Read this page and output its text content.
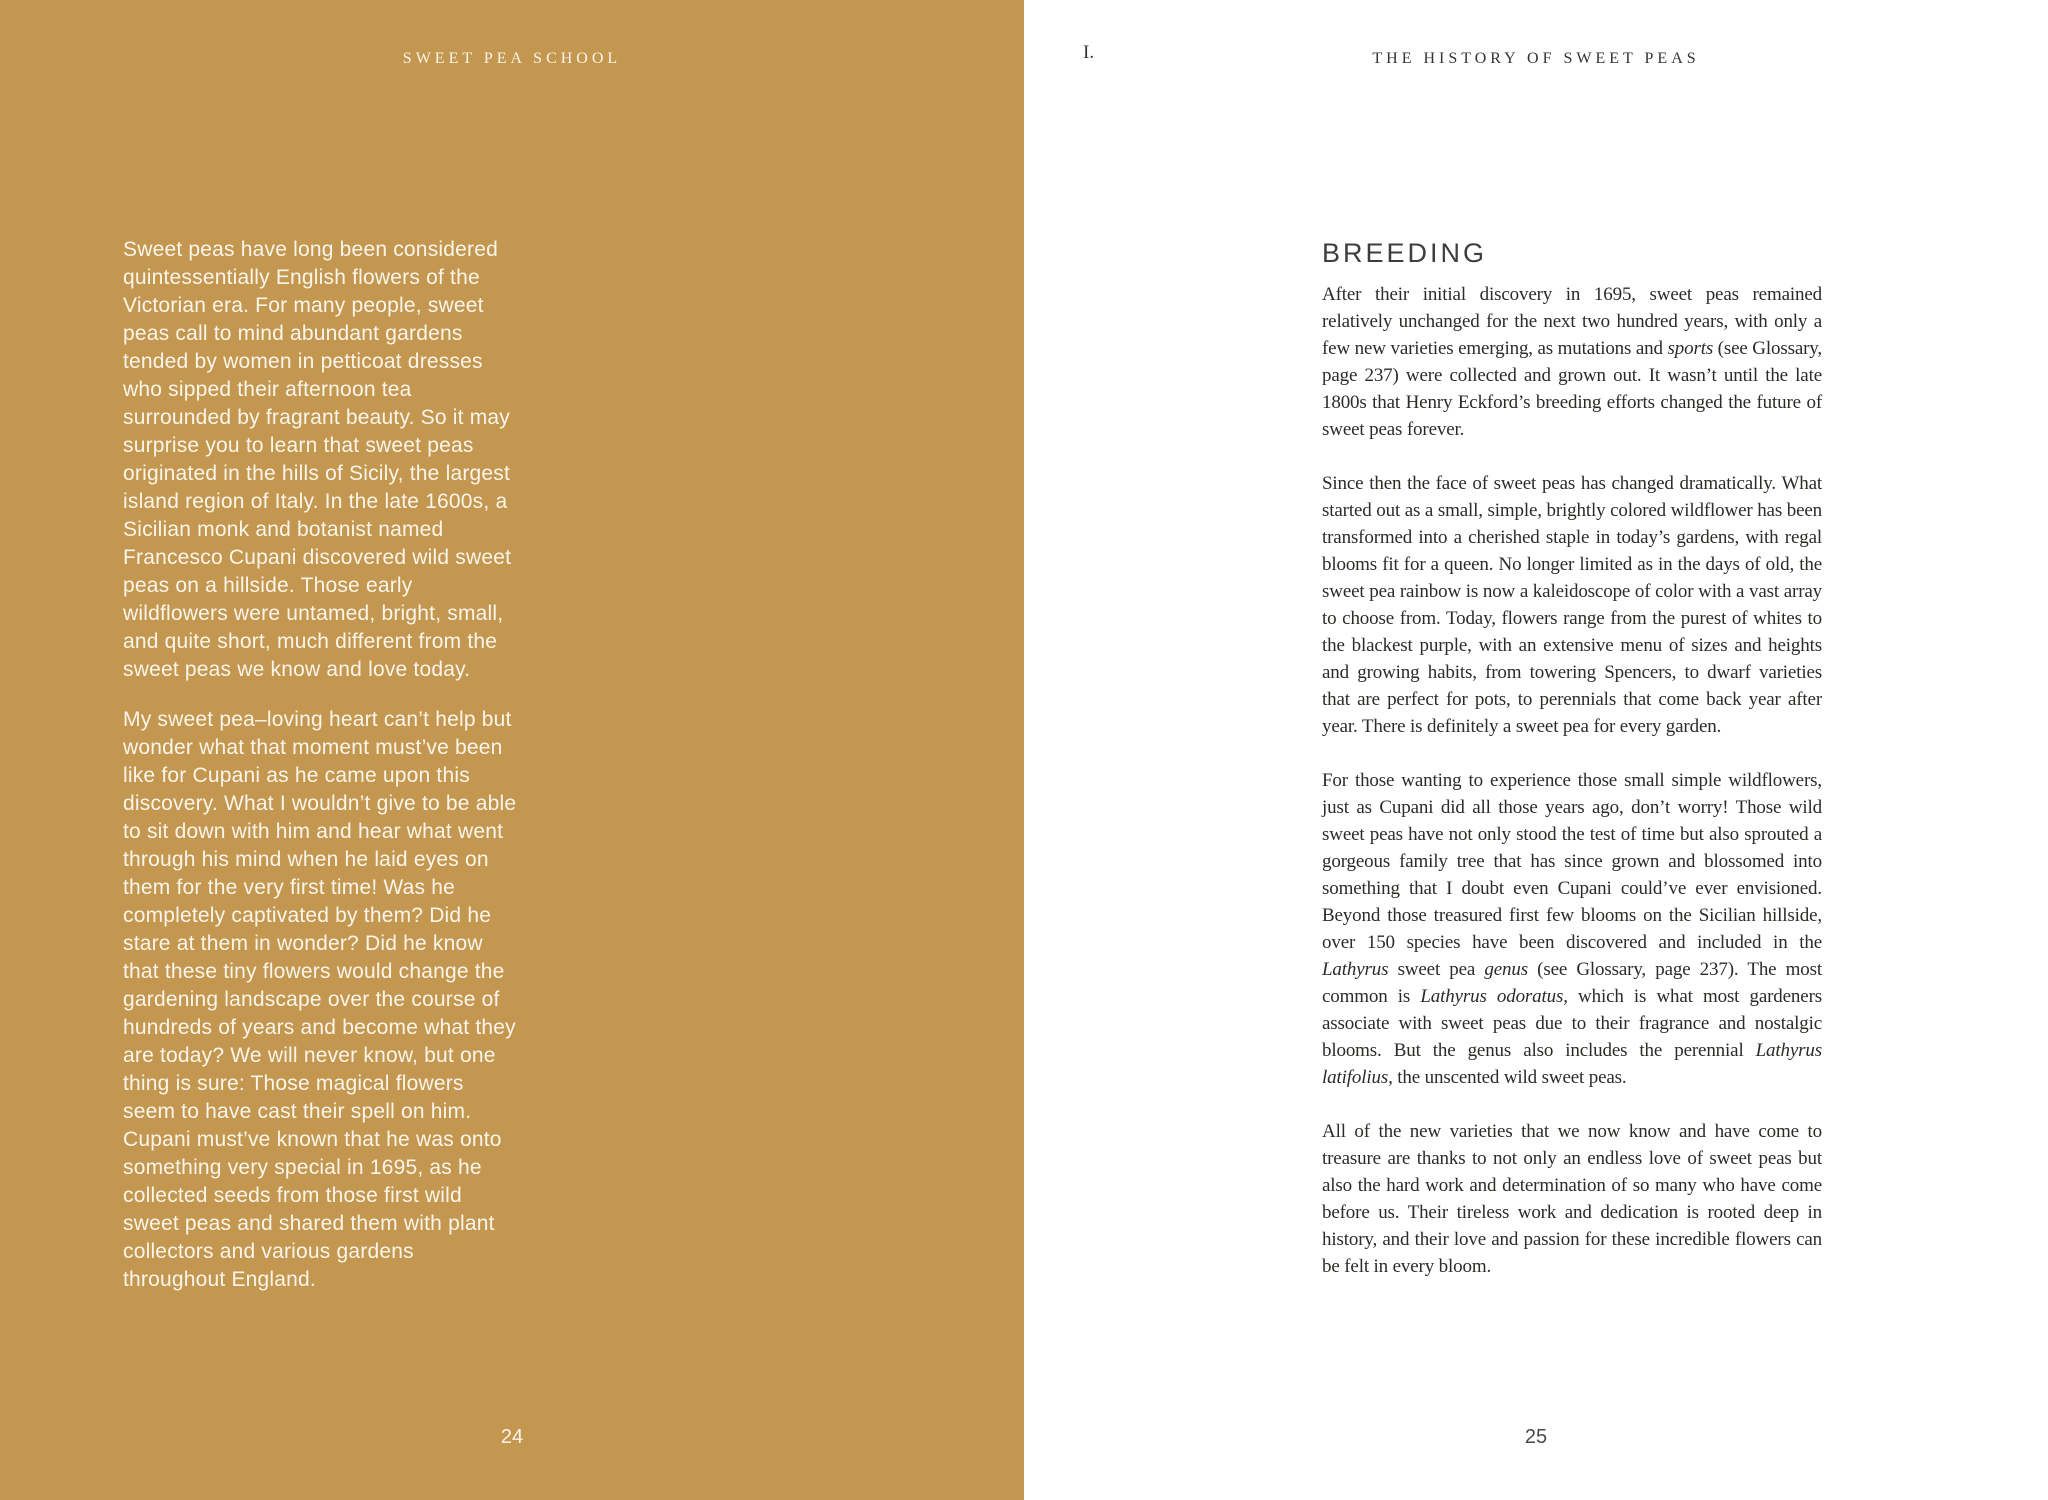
SWEET PEA SCHOOL

Sweet peas have long been considered quintessentially English flowers of the Victorian era. For many people, sweet peas call to mind abundant gardens tended by women in petticoat dresses who sipped their afternoon tea surrounded by fragrant beauty. So it may surprise you to learn that sweet peas originated in the hills of Sicily, the largest island region of Italy. In the late 1600s, a Sicilian monk and botanist named Francesco Cupani discovered wild sweet peas on a hillside. Those early wildflowers were untamed, bright, small, and quite short, much different from the sweet peas we know and love today.

My sweet pea–loving heart can’t help but wonder what that moment must’ve been like for Cupani as he came upon this discovery. What I wouldn’t give to be able to sit down with him and hear what went through his mind when he laid eyes on them for the very first time! Was he completely captivated by them? Did he stare at them in wonder? Did he know that these tiny flowers would change the gardening landscape over the course of hundreds of years and become what they are today? We will never know, but one thing is sure: Those magical flowers seem to have cast their spell on him. Cupani must’ve known that he was onto something very special in 1695, as he collected seeds from those first wild sweet peas and shared them with plant collectors and various gardens throughout England.

24
I.	THE HISTORY OF SWEET PEAS
BREEDING

After their initial discovery in 1695, sweet peas remained relatively unchanged for the next two hundred years, with only a few new varieties emerging, as mutations and sports (see Glossary, page 237) were collected and grown out. It wasn’t until the late 1800s that Henry Eckford’s breeding efforts changed the future of sweet peas forever.

Since then the face of sweet peas has changed dramatically. What started out as a small, simple, brightly colored wildflower has been transformed into a cherished staple in today’s gardens, with regal blooms fit for a queen. No longer limited as in the days of old, the sweet pea rainbow is now a kaleidoscope of color with a vast array to choose from. Today, flowers range from the purest of whites to the blackest purple, with an extensive menu of sizes and heights and growing habits, from towering Spencers, to dwarf varieties that are perfect for pots, to perennials that come back year after year. There is definitely a sweet pea for every garden.

For those wanting to experience those small simple wildflowers, just as Cupani did all those years ago, don’t worry! Those wild sweet peas have not only stood the test of time but also sprouted a gorgeous family tree that has since grown and blossomed into something that I doubt even Cupani could’ve ever envisioned. Beyond those treasured first few blooms on the Sicilian hillside, over 150 species have been discovered and included in the Lathyrus sweet pea genus (see Glossary, page 237). The most common is Lathyrus odoratus, which is what most gardeners associate with sweet peas due to their fragrance and nostalgic blooms. But the genus also includes the perennial Lathyrus latifolius, the unscented wild sweet peas.

All of the new varieties that we now know and have come to treasure are thanks to not only an endless love of sweet peas but also the hard work and determination of so many who have come before us. Their tireless work and dedication is rooted deep in history, and their love and passion for these incredible flowers can be felt in every bloom.

25
